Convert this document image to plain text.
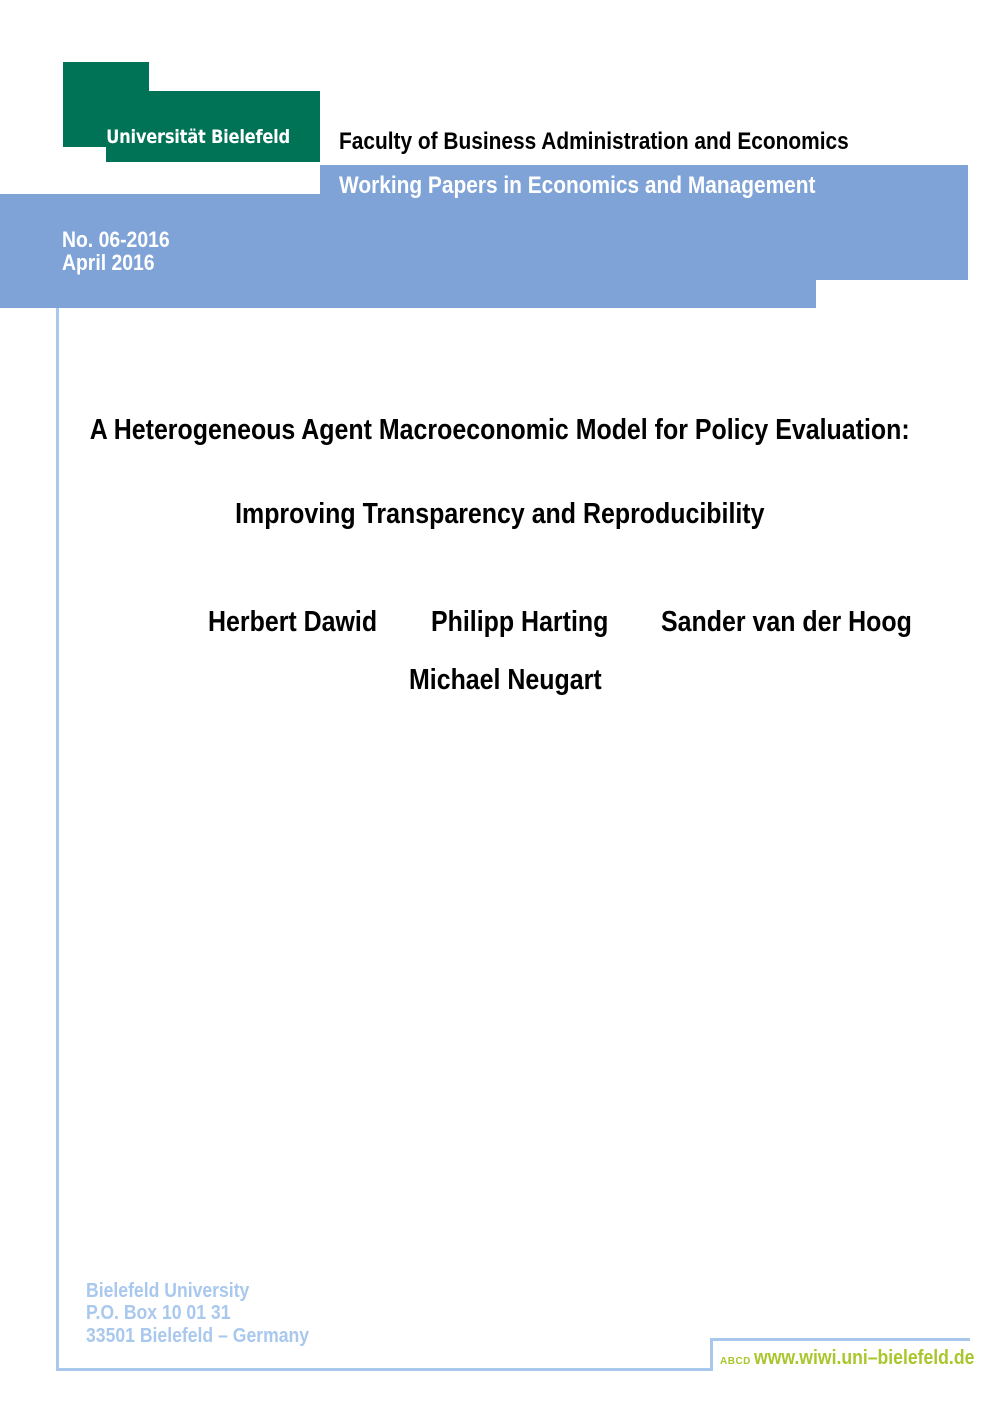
Universität Bielefeld Faculty of Business Administration and Economics
Working Papers in Economics and Management
No. 06-2016
April 2016
A Heterogeneous Agent Macroeconomic Model for Policy Evaluation:
Improving Transparency and Reproducibility
Herbert Dawid Philipp Harting Sander van der Hoog
Michael Neugart
Bielefeld University
P.O. Box 10 01 31
33501 Bielefeld – Germany
ABCD www.wiwi.uni–bielefeld.de
